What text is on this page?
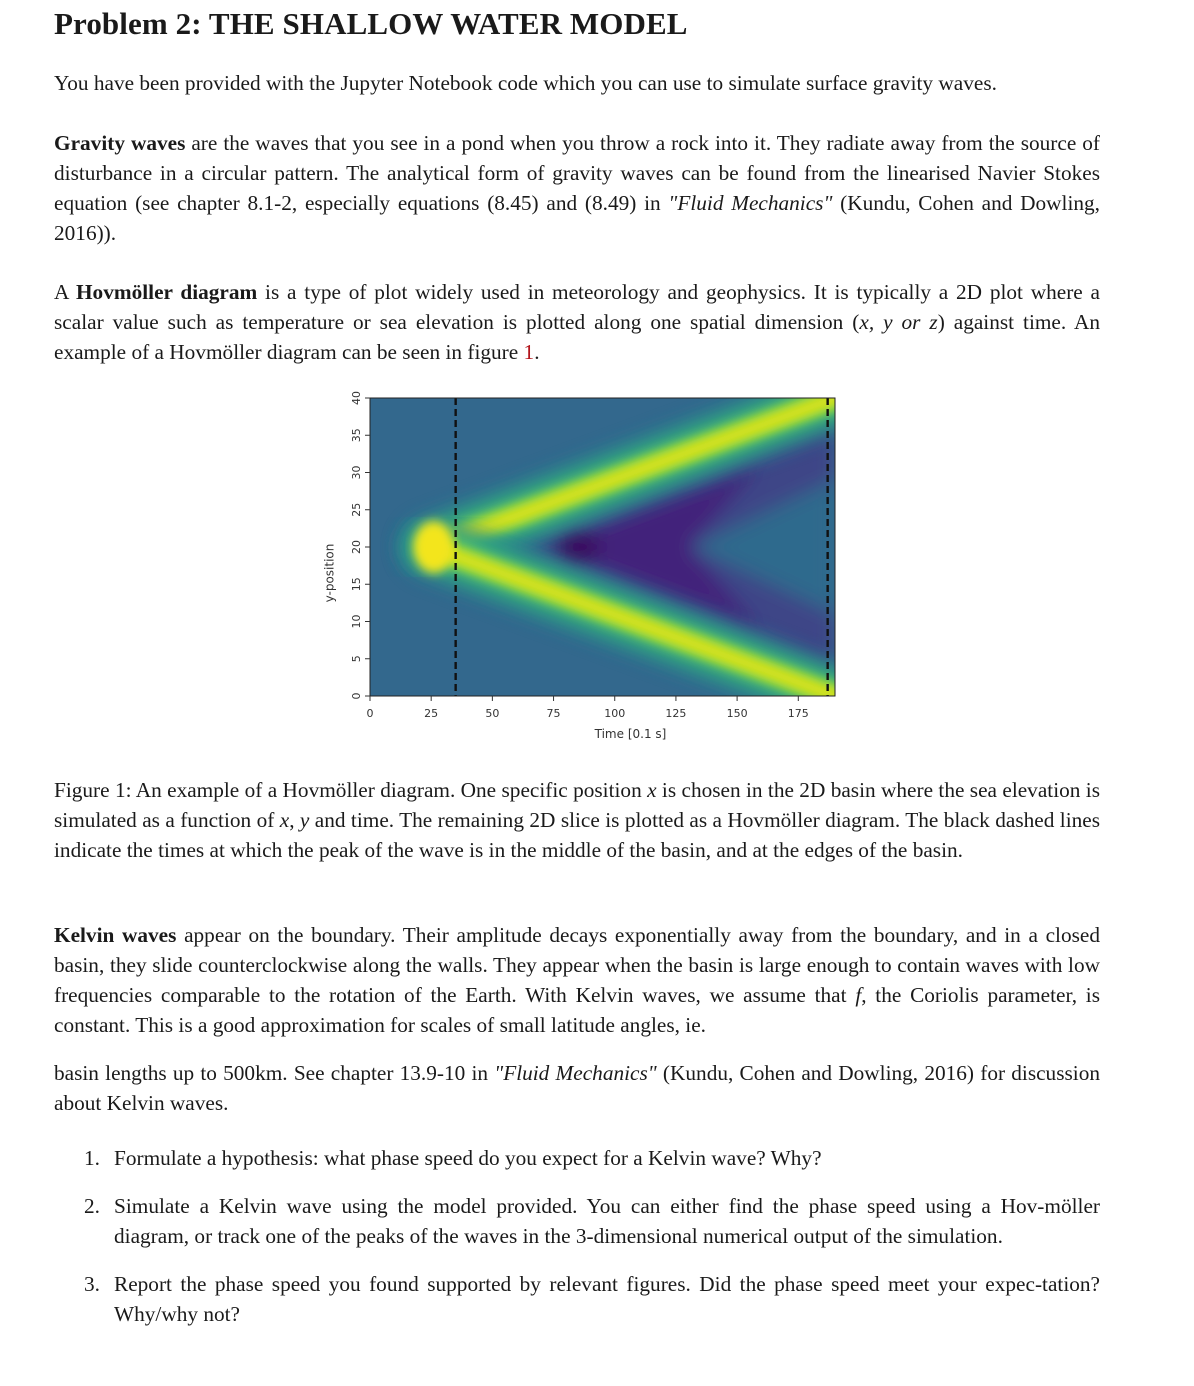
Problem 2: THE SHALLOW WATER MODEL

You have been provided with the Jupyter Notebook code which you can use to simulate surface gravity waves.

Gravity waves are the waves that you see in a pond when you throw a rock into it. They radiate away from the source of disturbance in a circular pattern. The analytical form of gravity waves can be found from the linearised Navier Stokes equation (see chapter 8.1-2, especially equations (8.45) and (8.49) in "Fluid Mechanics" (Kundu, Cohen and Dowling, 2016)).

A Hovmöller diagram is a type of plot widely used in meteorology and geophysics. It is typically a 2D plot where a scalar value such as temperature or sea elevation is plotted along one spatial dimension (x, y or z) against time. An example of a Hovmöller diagram can be seen in figure 1.

0	25	50	75	100	125	150	175
0
5
10
15
20
25
30
35
40
Time [0.1 s]
y-position

Figure 1: An example of a Hovmöller diagram. One specific position x is chosen in the 2D basin where the sea elevation is simulated as a function of x, y and time. The remaining 2D slice is plotted as a Hovmöller diagram. The black dashed lines indicate the times at which the peak of the wave is in the middle of the basin, and at the edges of the basin.

Kelvin waves appear on the boundary. Their amplitude decays exponentially away from the boundary, and in a closed basin, they slide counterclockwise along the walls. They appear when the basin is large enough to contain waves with low frequencies comparable to the rotation of the Earth. With Kelvin waves, we assume that f, the Coriolis parameter, is constant. This is a good approximation for scales of small latitude angles, ie.

basin lengths up to 500km. See chapter 13.9-10 in "Fluid Mechanics" (Kundu, Cohen and Dowling, 2016) for discussion about Kelvin waves.

1. Formulate a hypothesis: what phase speed do you expect for a Kelvin wave? Why?
2. Simulate a Kelvin wave using the model provided. You can either find the phase speed using a Hov-möller diagram, or track one of the peaks of the waves in the 3-dimensional numerical output of the simulation.
3. Report the phase speed you found supported by relevant figures. Did the phase speed meet your expec-tation? Why/why not?
